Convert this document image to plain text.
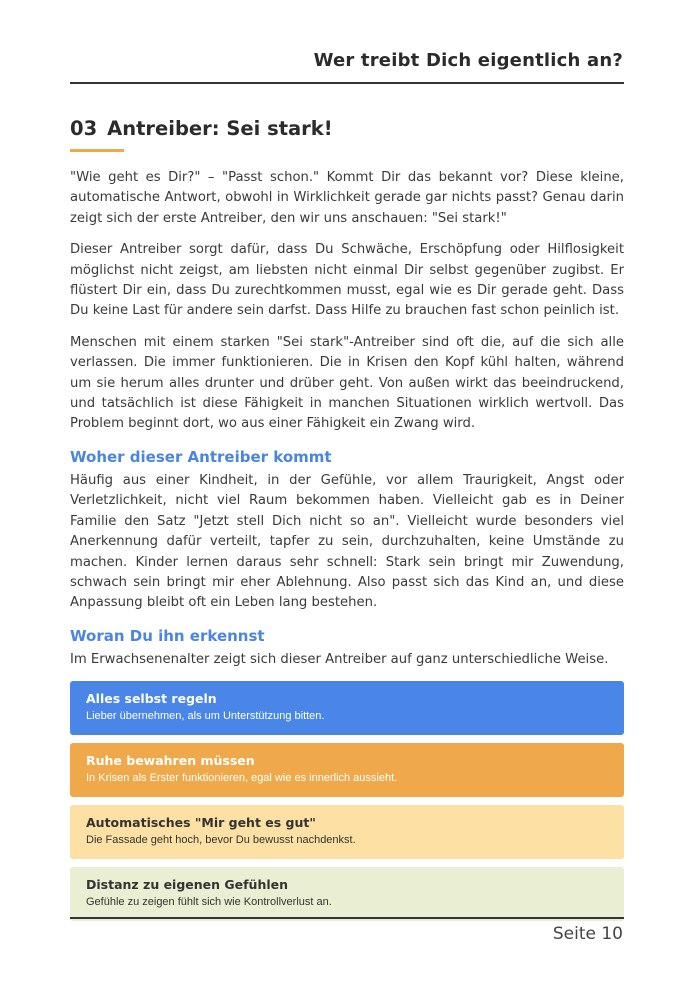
Wer treibt Dich eigentlich an?
03 Antreiber: Sei stark!

"Wie geht es Dir?" – "Passt schon." Kommt Dir das bekannt vor? Diese kleine, automatische Antwort, obwohl in Wirklichkeit gerade gar nichts passt? Genau darin zeigt sich der erste Antreiber, den wir uns anschauen: "Sei stark!"

Dieser Antreiber sorgt dafür, dass Du Schwäche, Erschöpfung oder Hilflosigkeit möglichst nicht zeigst, am liebsten nicht einmal Dir selbst gegenüber zugibst. Er flüstert Dir ein, dass Du zurechtkommen musst, egal wie es Dir gerade geht. Dass Du keine Last für andere sein darfst. Dass Hilfe zu brauchen fast schon peinlich ist.

Menschen mit einem starken "Sei stark"-Antreiber sind oft die, auf die sich alle verlassen. Die immer funktionieren. Die in Krisen den Kopf kühl halten, während um sie herum alles drunter und drüber geht. Von außen wirkt das beeindruckend, und tatsächlich ist diese Fähigkeit in manchen Situationen wirklich wertvoll. Das Problem beginnt dort, wo aus einer Fähigkeit ein Zwang wird.

Woher dieser Antreiber kommt

Häufig aus einer Kindheit, in der Gefühle, vor allem Traurigkeit, Angst oder Verletzlichkeit, nicht viel Raum bekommen haben. Vielleicht gab es in Deiner Familie den Satz "Jetzt stell Dich nicht so an". Vielleicht wurde besonders viel Anerkennung dafür verteilt, tapfer zu sein, durchzuhalten, keine Umstände zu machen. Kinder lernen daraus sehr schnell: Stark sein bringt mir Zuwendung, schwach sein bringt mir eher Ablehnung. Also passt sich das Kind an, und diese Anpassung bleibt oft ein Leben lang bestehen.

Woran Du ihn erkennst

Im Erwachsenenalter zeigt sich dieser Antreiber auf ganz unterschiedliche Weise.

Alles selbst regeln
Lieber übernehmen, als um Unterstützung bitten.
Ruhe bewahren müssen
In Krisen als Erster funktionieren, egal wie es innerlich aussieht.
Automatisches "Mir geht es gut"
Die Fassade geht hoch, bevor Du bewusst nachdenkst.
Distanz zu eigenen Gefühlen
Gefühle zu zeigen fühlt sich wie Kontrollverlust an.
Seite 10
